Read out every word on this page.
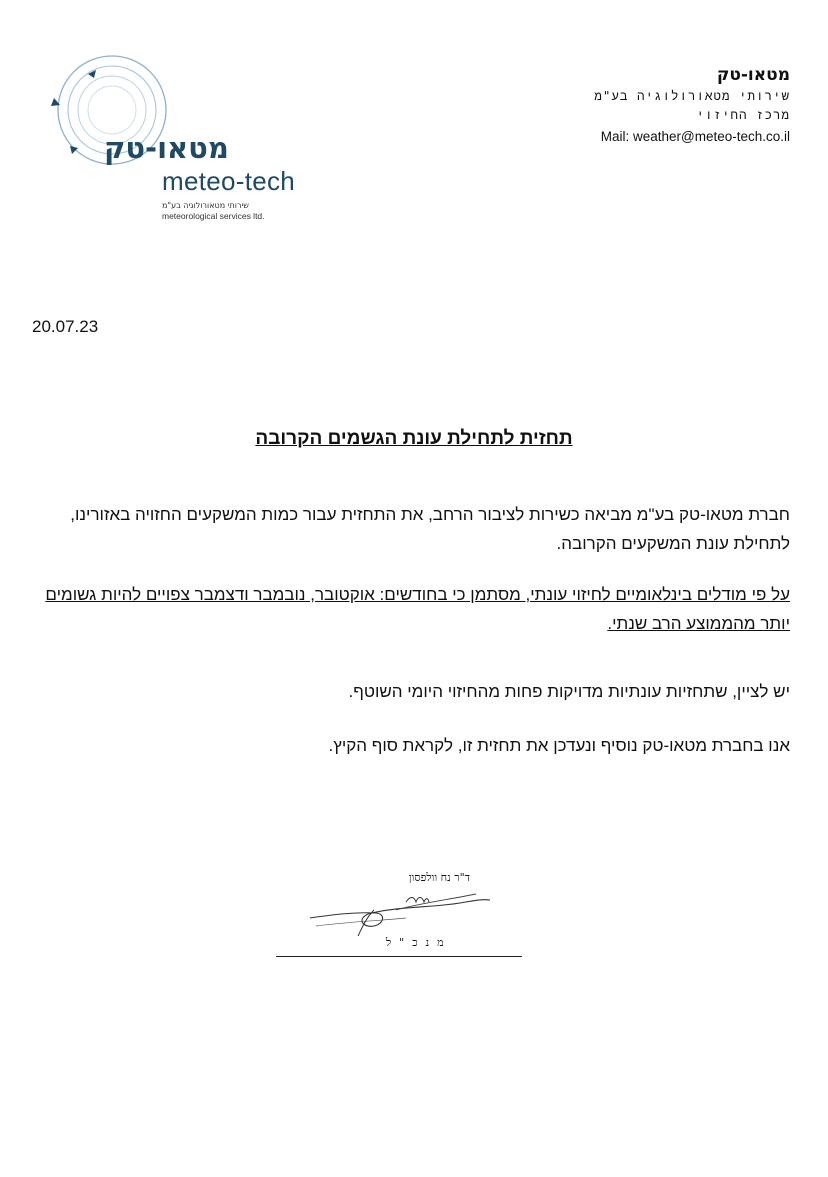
מטאו-טק
meteo-tech
שירותי מטאורולוגיה בע"מ
meteorological services ltd.
מטאו-טק
שירותי מטאורולוגיה בע"מ
מרכז החיזוי
Mail: weather@meteo-tech.co.il
20.07.23
תחזית לתחילת עונת הגשמים הקרובה
חברת מטאו-טק בע"מ מביאה כשירות לציבור הרחב, את התחזית עבור כמות המשקעים החזויה באזורינו, לתחילת עונת המשקעים הקרובה.
על פי מודלים בינלאומיים לחיזוי עונתי, מסתמן כי בחודשים: אוקטובר, נובמבר ודצמבר צפויים להיות גשומים יותר מהממוצע הרב שנתי.
יש לציין, שתחזיות עונתיות מדויקות פחות מהחיזוי היומי השוטף.
אנו בחברת מטאו-טק נוסיף ונעדכן את תחזית זו, לקראת סוף הקיץ.
ד"ר נח וולפסון
מנכ"ל
